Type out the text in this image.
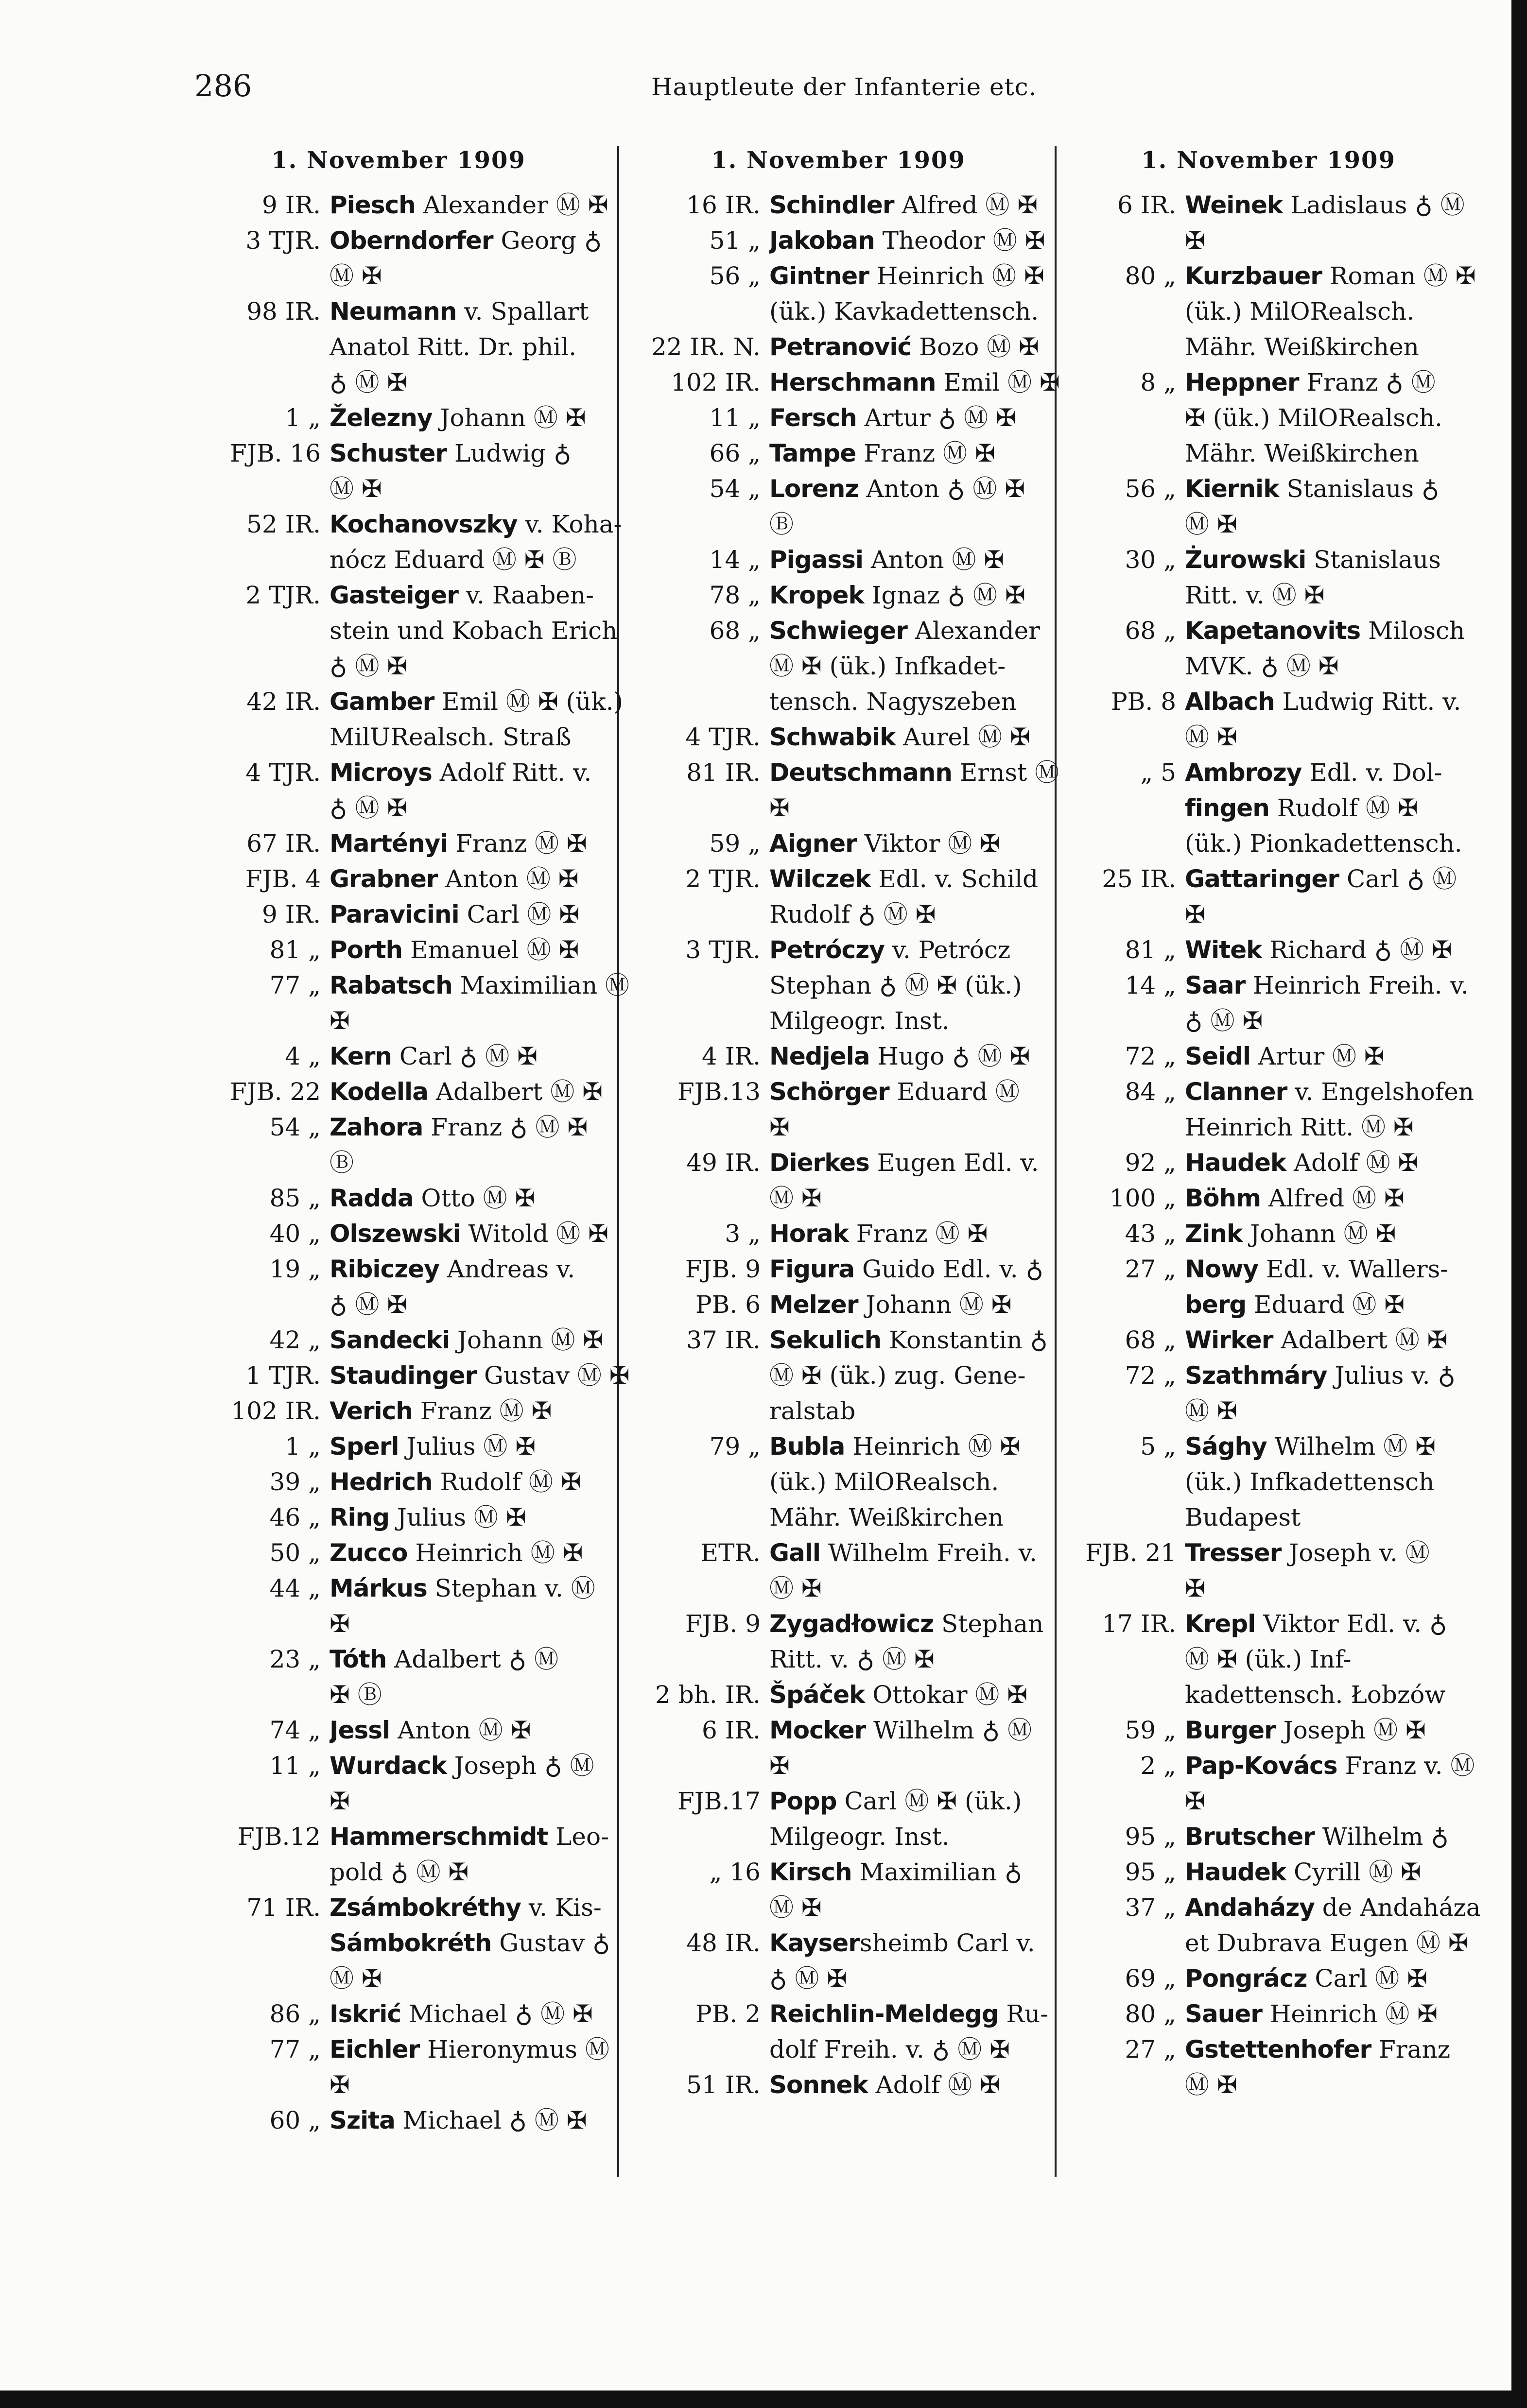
286	Hauptleute der Infanterie etc.
1. November 1909
9 IR. Piesch Alexander Ⓜ ✠
3 TJR. Oberndorfer Georg ♁
Ⓜ ✠
98 IR. Neumann v. Spallart
Anatol Ritt. Dr. phil.
♁ Ⓜ ✠
1 „ Železny Johann Ⓜ ✠
FJB. 16 Schuster Ludwig ♁
Ⓜ ✠
52 IR. Kochanovszky v. Koha-
nócz Eduard Ⓜ ✠ Ⓑ
2 TJR. Gasteiger v. Raaben-
stein und Kobach Erich
♁ Ⓜ ✠
42 IR. Gamber Emil Ⓜ ✠ (ük.)
MilURealsch. Straß
4 TJR. Microys Adolf Ritt. v.
♁ Ⓜ ✠
67 IR. Martényi Franz Ⓜ ✠
FJB. 4 Grabner Anton Ⓜ ✠
9 IR. Paravicini Carl Ⓜ ✠
81 „ Porth Emanuel Ⓜ ✠
77 „ Rabatsch Maximilian Ⓜ
✠
4 „ Kern Carl ♁ Ⓜ ✠
FJB. 22 Kodella Adalbert Ⓜ ✠
54 „ Zahora Franz ♁ Ⓜ ✠
Ⓑ
85 „ Radda Otto Ⓜ ✠
40 „ Olszewski Witold Ⓜ ✠
19 „ Ribiczey Andreas v.
♁ Ⓜ ✠
42 „ Sandecki Johann Ⓜ ✠
1 TJR. Staudinger Gustav Ⓜ ✠
102 IR. Verich Franz Ⓜ ✠
1 „ Sperl Julius Ⓜ ✠
39 „ Hedrich Rudolf Ⓜ ✠
46 „ Ring Julius Ⓜ ✠
50 „ Zucco Heinrich Ⓜ ✠
44 „ Márkus Stephan v. Ⓜ
✠
23 „ Tóth Adalbert ♁ Ⓜ
✠ Ⓑ
74 „ Jessl Anton Ⓜ ✠
11 „ Wurdack Joseph ♁ Ⓜ
✠
FJB.12 Hammerschmidt Leo-
pold ♁ Ⓜ ✠
71 IR. Zsámbokréthy v. Kis-
Sámbokréth Gustav ♁
Ⓜ ✠
86 „ Iskrić Michael ♁ Ⓜ ✠
77 „ Eichler Hieronymus Ⓜ
✠
60 „ Szita Michael ♁ Ⓜ ✠
1. November 1909
16 IR. Schindler Alfred Ⓜ ✠
51 „ Jakoban Theodor Ⓜ ✠
56 „ Gintner Heinrich Ⓜ ✠
(ük.) Kavkadettensch.
22 IR. N. Petranović Bozo Ⓜ ✠
102 IR. Herschmann Emil Ⓜ ✠
11 „ Fersch Artur ♁ Ⓜ ✠
66 „ Tampe Franz Ⓜ ✠
54 „ Lorenz Anton ♁ Ⓜ ✠
Ⓑ
14 „ Pigassi Anton Ⓜ ✠
78 „ Kropek Ignaz ♁ Ⓜ ✠
68 „ Schwieger Alexander
Ⓜ ✠ (ük.) Infkadet-
tensch. Nagyszeben
4 TJR. Schwabik Aurel Ⓜ ✠
81 IR. Deutschmann Ernst Ⓜ
✠
59 „ Aigner Viktor Ⓜ ✠
2 TJR. Wilczek Edl. v. Schild
Rudolf ♁ Ⓜ ✠
3 TJR. Petróczy v. Petrócz
Stephan ♁ Ⓜ ✠ (ük.)
Milgeogr. Inst.
4 IR. Nedjela Hugo ♁ Ⓜ ✠
FJB.13 Schörger Eduard Ⓜ
✠
49 IR. Dierkes Eugen Edl. v.
Ⓜ ✠
3 „ Horak Franz Ⓜ ✠
FJB. 9 Figura Guido Edl. v. ♁
PB. 6 Melzer Johann Ⓜ ✠
37 IR. Sekulich Konstantin ♁
Ⓜ ✠ (ük.) zug. Gene-
ralstab
79 „ Bubla Heinrich Ⓜ ✠
(ük.) MilORealsch.
Mähr. Weißkirchen
ETR. Gall Wilhelm Freih. v.
Ⓜ ✠
FJB. 9 Zygadłowicz Stephan
Ritt. v. ♁ Ⓜ ✠
2 bh. IR. Špáček Ottokar Ⓜ ✠
6 IR. Mocker Wilhelm ♁ Ⓜ
✠
FJB.17 Popp Carl Ⓜ ✠ (ük.)
Milgeogr. Inst.
„ 16 Kirsch Maximilian ♁
Ⓜ ✠
48 IR. Kaysersheimb Carl v.
♁ Ⓜ ✠
PB. 2 Reichlin-Meldegg Ru-
dolf Freih. v. ♁ Ⓜ ✠
51 IR. Sonnek Adolf Ⓜ ✠
1. November 1909
6 IR. Weinek Ladislaus ♁ Ⓜ
✠
80 „ Kurzbauer Roman Ⓜ ✠
(ük.) MilORealsch.
Mähr. Weißkirchen
8 „ Heppner Franz ♁ Ⓜ
✠ (ük.) MilORealsch.
Mähr. Weißkirchen
56 „ Kiernik Stanislaus ♁
Ⓜ ✠
30 „ Żurowski Stanislaus
Ritt. v. Ⓜ ✠
68 „ Kapetanovits Milosch
MVK. ♁ Ⓜ ✠
PB. 8 Albach Ludwig Ritt. v.
Ⓜ ✠
„ 5 Ambrozy Edl. v. Dol-
fingen Rudolf Ⓜ ✠
(ük.) Pionkadettensch.
25 IR. Gattaringer Carl ♁ Ⓜ
✠
81 „ Witek Richard ♁ Ⓜ ✠
14 „ Saar Heinrich Freih. v.
♁ Ⓜ ✠
72 „ Seidl Artur Ⓜ ✠
84 „ Clanner v. Engelshofen
Heinrich Ritt. Ⓜ ✠
92 „ Haudek Adolf Ⓜ ✠
100 „ Böhm Alfred Ⓜ ✠
43 „ Zink Johann Ⓜ ✠
27 „ Nowy Edl. v. Wallers-
berg Eduard Ⓜ ✠
68 „ Wirker Adalbert Ⓜ ✠
72 „ Szathmáry Julius v. ♁
Ⓜ ✠
5 „ Sághy Wilhelm Ⓜ ✠
(ük.) Infkadettensch
Budapest
FJB. 21 Tresser Joseph v. Ⓜ
✠
17 IR. Krepl Viktor Edl. v. ♁
Ⓜ ✠ (ük.) Inf-
kadettensch. Łobzów
59 „ Burger Joseph Ⓜ ✠
2 „ Pap-Kovács Franz v. Ⓜ
✠
95 „ Brutscher Wilhelm ♁
95 „ Haudek Cyrill Ⓜ ✠
37 „ Andaházy de Andaháza
et Dubrava Eugen Ⓜ ✠
69 „ Pongrácz Carl Ⓜ ✠
80 „ Sauer Heinrich Ⓜ ✠
27 „ Gstettenhofer Franz
Ⓜ ✠
